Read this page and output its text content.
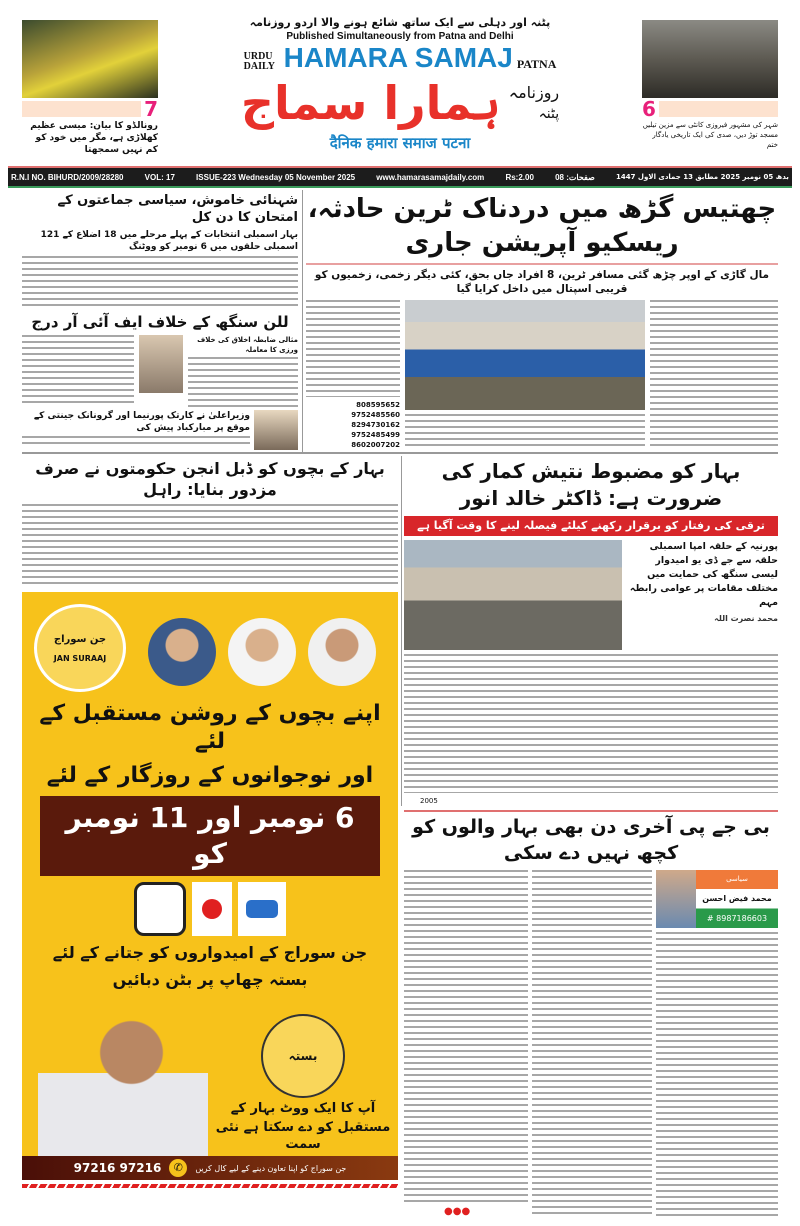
7
رونالڈو کا بیان: میسی عظیم کھلاڑی ہے، مگر میں خود کو کم نہیں سمجھتا
6
شہر کی مشہور فیروزی کانٹی سے مزین تیلیں مسجد توڑ دیں، صدی کی ایک تاریخی یادگار ختم
پٹنہ اور دہلی سے ایک ساتھ شائع ہونے والا اردو روزنامہ
Published Simultaneously from Patna and Delhi
URDU DAILY HAMARA SAMAJ PATNA
ہمارا سماج روزنامہ
پٹنہ
दैनिक हमारा समाज पटना
R.N.I NO. BIHURD/2009/28280	VOL: 17	ISSUE-223 Wednesday 05 November 2025	www.hamarasamajdaily.com	Rs:2.00	08 :صفحات	بدھ 05 نومبر 2025 مطابق 13 جمادی الاول 1447
شہنائی خاموش، سیاسی جماعتوں کے امتحان کا دن کل
بہار اسمبلی انتخابات کے پہلے مرحلے میں 18 اضلاع کے 121 اسمبلی حلقوں میں 6 نومبر کو ووٹنگ
للن سنگھ کے خلاف ایف آئی آر درج
مثالی ضابطہ اخلاق کی خلاف ورزی کا معاملہ
وزیراعلیٰ نے کارتک پورنیما اور گرونانک جینتی کے موقع پر مبارکباد پیش کی
چھتیس گڑھ میں دردناک ٹرین حادثہ، ریسکیو آپریشن جاری
مال گاڑی کے اوپر چڑھ گئی مسافر ٹرین، 8 افراد جاں بحق، کئی دیگر زخمی، زخمیوں کو قریبی اسپتال میں داخل کرایا گیا
808595652
9752485560
8294730162
9752485499
8602007202
بہار کے بچوں کو ڈبل انجن حکومتوں نے صرف مزدور بنایا: راہل
بہار کو مضبوط نتیش کمار کی ضرورت ہے: ڈاکٹر خالد انور
ترقی کی رفتار کو برقرار رکھنے کیلئے فیصلہ لینے کا وقت آگیا ہے
پورنیہ کے حلقہ امپا اسمبلی حلقہ سے جے ڈی یو امیدوار لیسی سنگھ کی حمایت میں مختلف مقامات پر عوامی رابطہ مہم
محمد نصرت اللہ
2005
جن سوراج
JAN SURAAJ
اپنے بچوں کے روشن مستقبل کے لئے
اور نوجوانوں کے روزگار کے لئے
6 نومبر اور 11 نومبر کو
جن سوراج کے امیدواروں کو جتانے کے لئے
بستہ چھاپ پر بٹن دبائیں
بستہ
آپ کا ایک ووٹ بہار کے
مستقبل کو دے سکتا ہے نئی سمت
97216 97216	✆	جن سوراج کو اپنا تعاون دینے کے لیے کال کریں
بی جے پی آخری دن بھی بہار والوں کو کچھ نہیں دے سکی
●●●
سیاسی
محمد فیض احسن
# 8987186603
